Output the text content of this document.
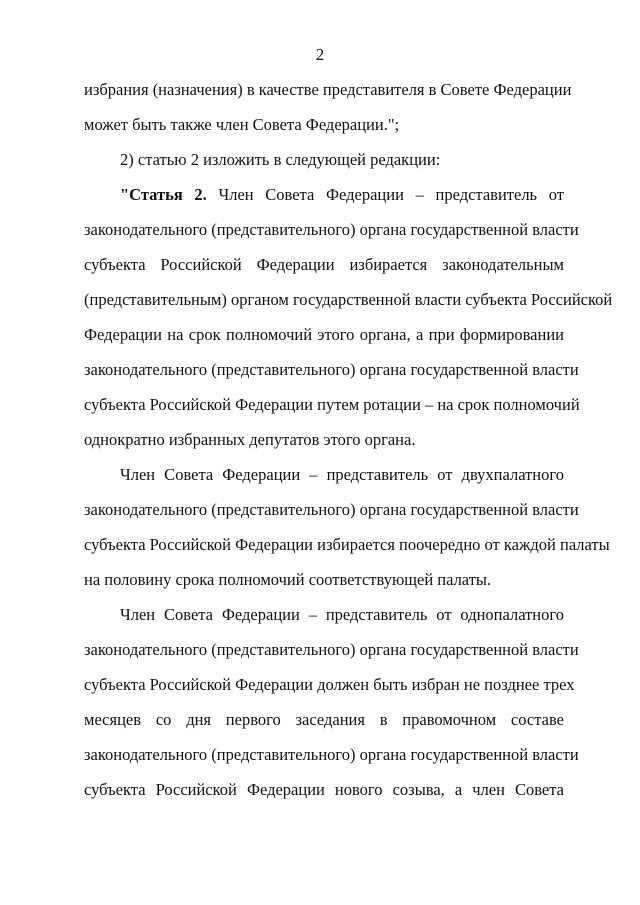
2
избрания (назначения) в качестве представителя в Совете Федерации
может быть также член Совета Федерации.";
2) статью 2 изложить в следующей редакции:
"Статья 2. Член Совета Федерации – представитель от
законодательного (представительного) органа государственной власти
субъекта Российской Федерации избирается законодательным
(представительным) органом государственной власти субъекта Российской
Федерации на срок полномочий этого органа, а при формировании
законодательного (представительного) органа государственной власти
субъекта Российской Федерации путем ротации – на срок полномочий
однократно избранных депутатов этого органа.
Член Совета Федерации – представитель от двухпалатного
законодательного (представительного) органа государственной власти
субъекта Российской Федерации избирается поочередно от каждой палаты
на половину срока полномочий соответствующей палаты.
Член Совета Федерации – представитель от однопалатного
законодательного (представительного) органа государственной власти
субъекта Российской Федерации должен быть избран не позднее трех
месяцев со дня первого заседания в правомочном составе
законодательного (представительного) органа государственной власти
субъекта Российской Федерации нового созыва, а член Совета
